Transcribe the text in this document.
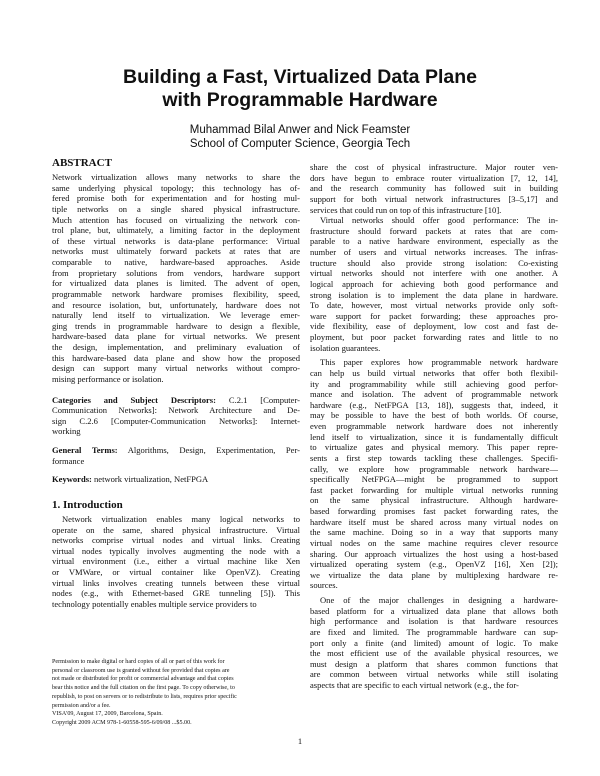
Building a Fast, Virtualized Data Plane
with Programmable Hardware
Muhammad Bilal Anwer and Nick Feamster
School of Computer Science, Georgia Tech
ABSTRACT
Network virtualization allows many networks to share the
same underlying physical topology; this technology has of-
fered promise both for experimentation and for hosting mul-
tiple networks on a single shared physical infrastructure.
Much attention has focused on virtualizing the network con-
trol plane, but, ultimately, a limiting factor in the deployment
of these virtual networks is data-plane performance: Virtual
networks must ultimately forward packets at rates that are
comparable to native, hardware-based approaches. Aside
from proprietary solutions from vendors, hardware support
for virtualized data planes is limited. The advent of open,
programmable network hardware promises flexibility, speed,
and resource isolation, but, unfortunately, hardware does not
naturally lend itself to virtualization. We leverage emer-
ging trends in programmable hardware to design a flexible,
hardware-based data plane for virtual networks. We present
the design, implementation, and preliminary evaluation of
this hardware-based data plane and show how the proposed
design can support many virtual networks without compro-
mising performance or isolation.
Categories and Subject Descriptors: C.2.1 [Computer-
Communication Networks]: Network Architecture and De-
sign C.2.6 [Computer-Communication Networks]: Internet-
working
General Terms: Algorithms, Design, Experimentation, Per-
formance
Keywords: network virtualization, NetFPGA
1. Introduction
Network virtualization enables many logical networks to
operate on the same, shared physical infrastructure. Virtual
networks comprise virtual nodes and virtual links. Creating
virtual nodes typically involves augmenting the node with a
virtual environment (i.e., either a virtual machine like Xen
or VMWare, or virtual container like OpenVZ). Creating
virtual links involves creating tunnels between these virtual
nodes (e.g., with Ethernet-based GRE tunneling [5]). This
technology potentially enables multiple service providers to
Permission to make digital or hard copies of all or part of this work for
personal or classroom use is granted without fee provided that copies are
not made or distributed for profit or commercial advantage and that copies
bear this notice and the full citation on the first page. To copy otherwise, to
republish, to post on servers or to redistribute to lists, requires prior specific
permission and/or a fee.
VISA'09, August 17, 2009, Barcelona, Spain.
Copyright 2009 ACM 978-1-60558-595-6/09/08 ...$5.00.
share the cost of physical infrastructure. Major router ven-
dors have begun to embrace router virtualization [7, 12, 14],
and the research community has followed suit in building
support for both virtual network infrastructures [3–5,17] and
services that could run on top of this infrastructure [10].
Virtual networks should offer good performance: The in-
frastructure should forward packets at rates that are com-
parable to a native hardware environment, especially as the
number of users and virtual networks increases. The infras-
tructure should also provide strong isolation: Co-existing
virtual networks should not interfere with one another. A
logical approach for achieving both good performance and
strong isolation is to implement the data plane in hardware.
To date, however, most virtual networks provide only soft-
ware support for packet forwarding; these approaches pro-
vide flexibility, ease of deployment, low cost and fast de-
ployment, but poor packet forwarding rates and little to no
isolation guarantees.
This paper explores how programmable network hardware
can help us build virtual networks that offer both flexibil-
ity and programmability while still achieving good perfor-
mance and isolation. The advent of programmable network
hardware (e.g., NetFPGA [13, 18]), suggests that, indeed, it
may be possible to have the best of both worlds. Of course,
even programmable network hardware does not inherently
lend itself to virtualization, since it is fundamentally difficult
to virtualize gates and physical memory. This paper repre-
sents a first step towards tackling these challenges. Specifi-
cally, we explore how programmable network hardware—
specifically NetFPGA—might be programmed to support
fast packet forwarding for multiple virtual networks running
on the same physical infrastructure. Although hardware-
based forwarding promises fast packet forwarding rates, the
hardware itself must be shared across many virtual nodes on
the same machine. Doing so in a way that supports many
virtual nodes on the same machine requires clever resource
sharing. Our approach virtualizes the host using a host-based
virtualized operating system (e.g., OpenVZ [16], Xen [2]);
we virtualize the data plane by multiplexing hardware re-
sources.
One of the major challenges in designing a hardware-
based platform for a virtualized data plane that allows both
high performance and isolation is that hardware resources
are fixed and limited. The programmable hardware can sup-
port only a finite (and limited) amount of logic. To make
the most efficient use of the available physical resources, we
must design a platform that shares common functions that
are common between virtual networks while still isolating
aspects that are specific to each virtual network (e.g., the for-
1
